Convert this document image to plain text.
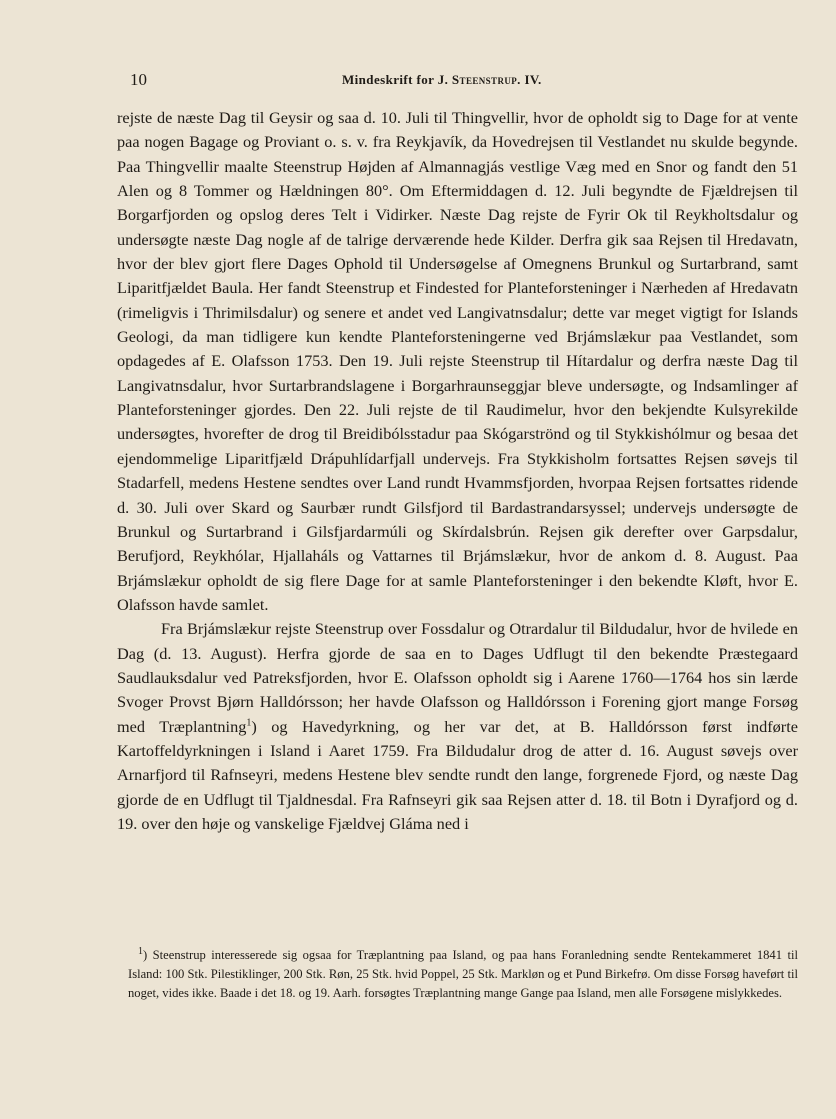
10	Mindeskrift for J. Steenstrup. IV.

rejste de næste Dag til Geysir og saa d. 10. Juli til Thingvellir, hvor de opholdt sig to Dage for at vente paa nogen Bagage og Proviant o. s. v. fra Reykjavík, da Hovedrejsen til Vestlandet nu skulde begynde. Paa Thingvellir maalte Steenstrup Højden af Almannagjás vestlige Væg med en Snor og fandt den 51 Alen og 8 Tommer og Hældningen 80°. Om Eftermiddagen d. 12. Juli begyndte de Fjældrejsen til Borgarfjorden og opslog deres Telt i Vidirker. Næste Dag rejste de Fyrir Ok til Reykholtsdalur og undersøgte næste Dag nogle af de talrige derværende hede Kilder. Derfra gik saa Rejsen til Hredavatn, hvor der blev gjort flere Dages Ophold til Undersøgelse af Omegnens Brunkul og Surtarbrand, samt Liparitfjældet Baula. Her fandt Steenstrup et Findested for Planteforsteninger i Nærheden af Hredavatn (rimeligvis i Thrimilsdalur) og senere et andet ved Langivatnsdalur; dette var meget vigtigt for Islands Geologi, da man tidligere kun kendte Planteforsteningerne ved Brjámslækur paa Vestlandet, som opdagedes af E. Olafsson 1753. Den 19. Juli rejste Steenstrup til Hítardalur og derfra næste Dag til Langivatnsdalur, hvor Surtarbrandslagene i Borgarhraunseggjar bleve undersøgte, og Indsamlinger af Planteforsteninger gjordes. Den 22. Juli rejste de til Raudimelur, hvor den bekjendte Kulsyrekilde undersøgtes, hvorefter de drog til Breidibólsstadur paa Skógarströnd og til Stykkishólmur og besaa det ejendommelige Liparitfjæld Drápuhlídarfjall undervejs. Fra Stykkisholm fortsattes Rejsen søvejs til Stadarfell, medens Hestene sendtes over Land rundt Hvammsfjorden, hvorpaa Rejsen fortsattes ridende d. 30. Juli over Skard og Saurbær rundt Gilsfjord til Bardastrandarsyssel; undervejs undersøgte de Brunkul og Surtarbrand i Gilsfjardarmúli og Skírdalsbrún. Rejsen gik derefter over Garpsdalur, Berufjord, Reykhólar, Hjallaháls og Vattarnes til Brjámslækur, hvor de ankom d. 8. August. Paa Brjámslækur opholdt de sig flere Dage for at samle Planteforsteninger i den bekendte Kløft, hvor E. Olafsson havde samlet.

Fra Brjámslækur rejste Steenstrup over Fossdalur og Otrardalur til Bildudalur, hvor de hvilede en Dag (d. 13. August). Herfra gjorde de saa en to Dages Udflugt til den bekendte Præstegaard Saudlauksdalur ved Patreksfjorden, hvor E. Olafsson opholdt sig i Aarene 1760—1764 hos sin lærde Svoger Provst Bjørn Halldórsson; her havde Olafsson og Halldórsson i Forening gjort mange Forsøg med Træplantning$^1$) og Havedyrkning, og her var det, at B. Halldórsson først indførte Kartoffeldyrkningen i Island i Aaret 1759. Fra Bildudalur drog de atter d. 16. August søvejs over Arnarfjord til Rafnseyri, medens Hestene blev sendte rundt den lange, forgrenede Fjord, og næste Dag gjorde de en Udflugt til Tjaldnesdal. Fra Rafnseyri gik saa Rejsen atter d. 18. til Botn i Dyrafjord og d. 19. over den høje og vanskelige Fjældvej Gláma ned i

$^1$) Steenstrup interesserede sig ogsaa for Træplantning paa Island, og paa hans Foranledning sendte Rentekammeret 1841 til Island: 100 Stk. Pilestiklinger, 200 Stk. Røn, 25 Stk. hvid Poppel, 25 Stk. Markløn og et Pund Birkefrø. Om disse Forsøg haveført til noget, vides ikke. Baade i det 18. og 19. Aarh. forsøgtes Træplantning mange Gange paa Island, men alle Forsøgene mislykkedes.
